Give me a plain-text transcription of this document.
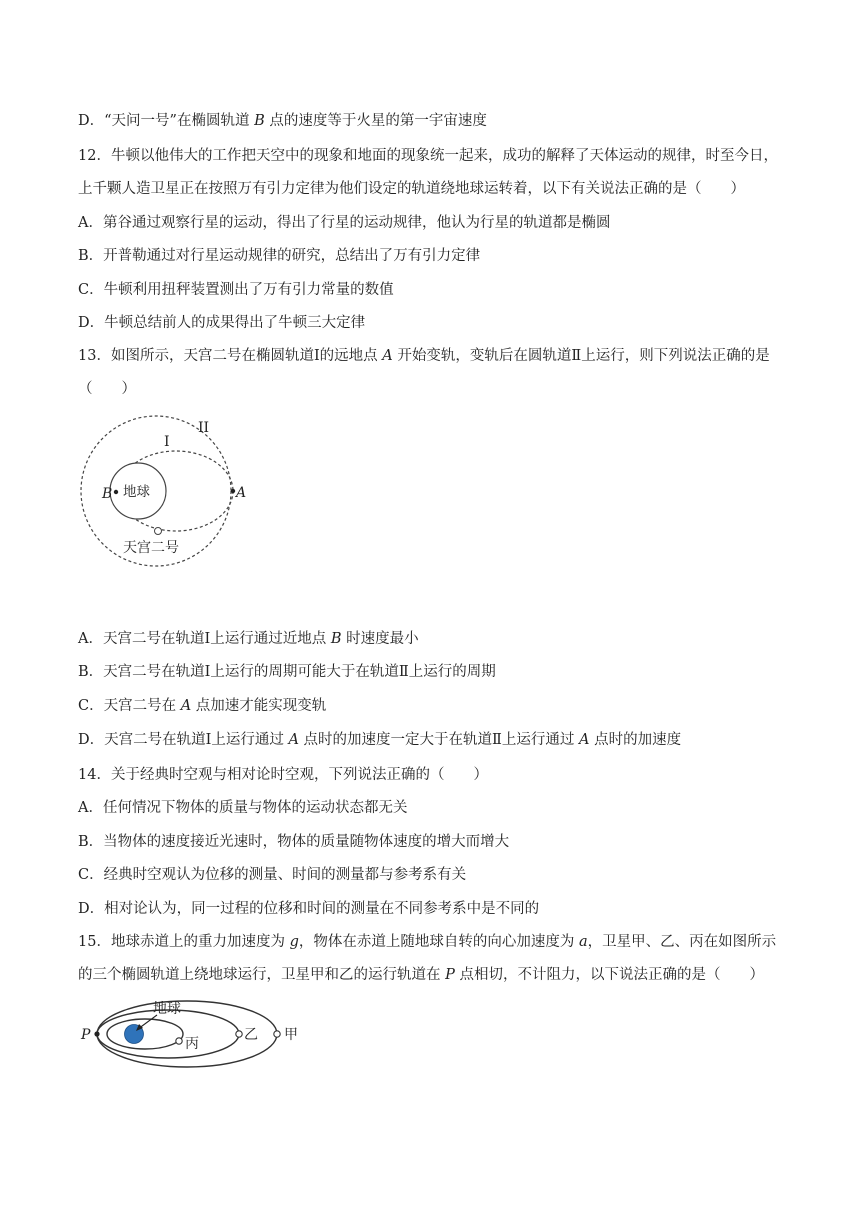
D．“天问一号”在椭圆轨道 B 点的速度等于火星的第一宇宙速度
12．牛顿以他伟大的工作把天空中的现象和地面的现象统一起来，成功的解释了天体运动的规律，时至今日，上千颗人造卫星正在按照万有引力定律为他们设定的轨道绕地球运转着，以下有关说法正确的是（　　）
A．第谷通过观察行星的运动，得出了行星的运动规律，他认为行星的轨道都是椭圆
B．开普勒通过对行星运动规律的研究，总结出了万有引力定律
C．牛顿利用扭秤装置测出了万有引力常量的数值
D．牛顿总结前人的成果得出了牛顿三大定律
13．如图所示，天宫二号在椭圆轨道Ⅰ的远地点 A 开始变轨，变轨后在圆轨道Ⅱ上运行，则下列说法正确的是（　　）
II
I
B	A
地球
天宫二号
A．天宫二号在轨道Ⅰ上运行通过近地点 B 时速度最小
B．天宫二号在轨道Ⅰ上运行的周期可能大于在轨道Ⅱ上运行的周期
C．天宫二号在 A 点加速才能实现变轨
D．天宫二号在轨道Ⅰ上运行通过 A 点时的加速度一定大于在轨道Ⅱ上运行通过 A 点时的加速度
14．关于经典时空观与相对论时空观，下列说法正确的（　　）
A．任何情况下物体的质量与物体的运动状态都无关
B．当物体的速度接近光速时，物体的质量随物体速度的增大而增大
C．经典时空观认为位移的测量、时间的测量都与参考系有关
D．相对论认为，同一过程的位移和时间的测量在不同参考系中是不同的
15．地球赤道上的重力加速度为 g，物体在赤道上随地球自转的向心加速度为 a，卫星甲、乙、丙在如图所示的三个椭圆轨道上绕地球运行，卫星甲和乙的运行轨道在 P 点相切，不计阻力，以下说法正确的是（　　）
地球
P
丙
乙 甲
